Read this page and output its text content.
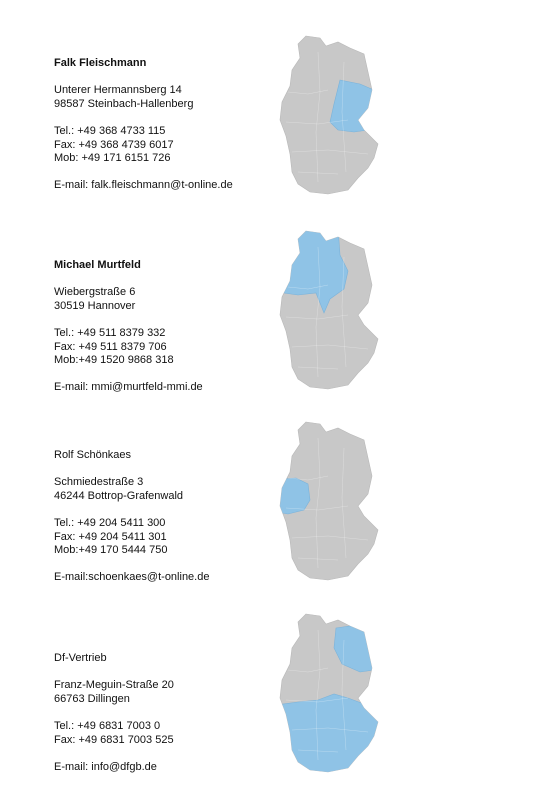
Falk Fleischmann
Unterer Hermannsberg 14
98587 Steinbach-Hallenberg
Tel.: +49 368 4733 115
Fax: +49 368 4739 6017
Mob: +49 171 6151 726
E-mail: falk.fleischmann@t-online.de
Michael Murtfeld
Wiebergstraße 6
30519 Hannover
Tel.: +49 511 8379 332
Fax: +49 511 8379 706
Mob:+49 1520 9868 318
E-mail: mmi@murtfeld-mmi.de
Rolf Schönkaes
Schmiedestraße 3
46244 Bottrop-Grafenwald
Tel.: +49 204 5411 300
Fax: +49 204 5411 301
Mob:+49 170 5444 750
E-mail:schoenkaes@t-online.de
Df-Vertrieb
Franz-Meguin-Straße 20
66763 Dillingen
Tel.: +49 6831 7003 0
Fax: +49 6831 7003 525
E-mail: info@dfgb.de
